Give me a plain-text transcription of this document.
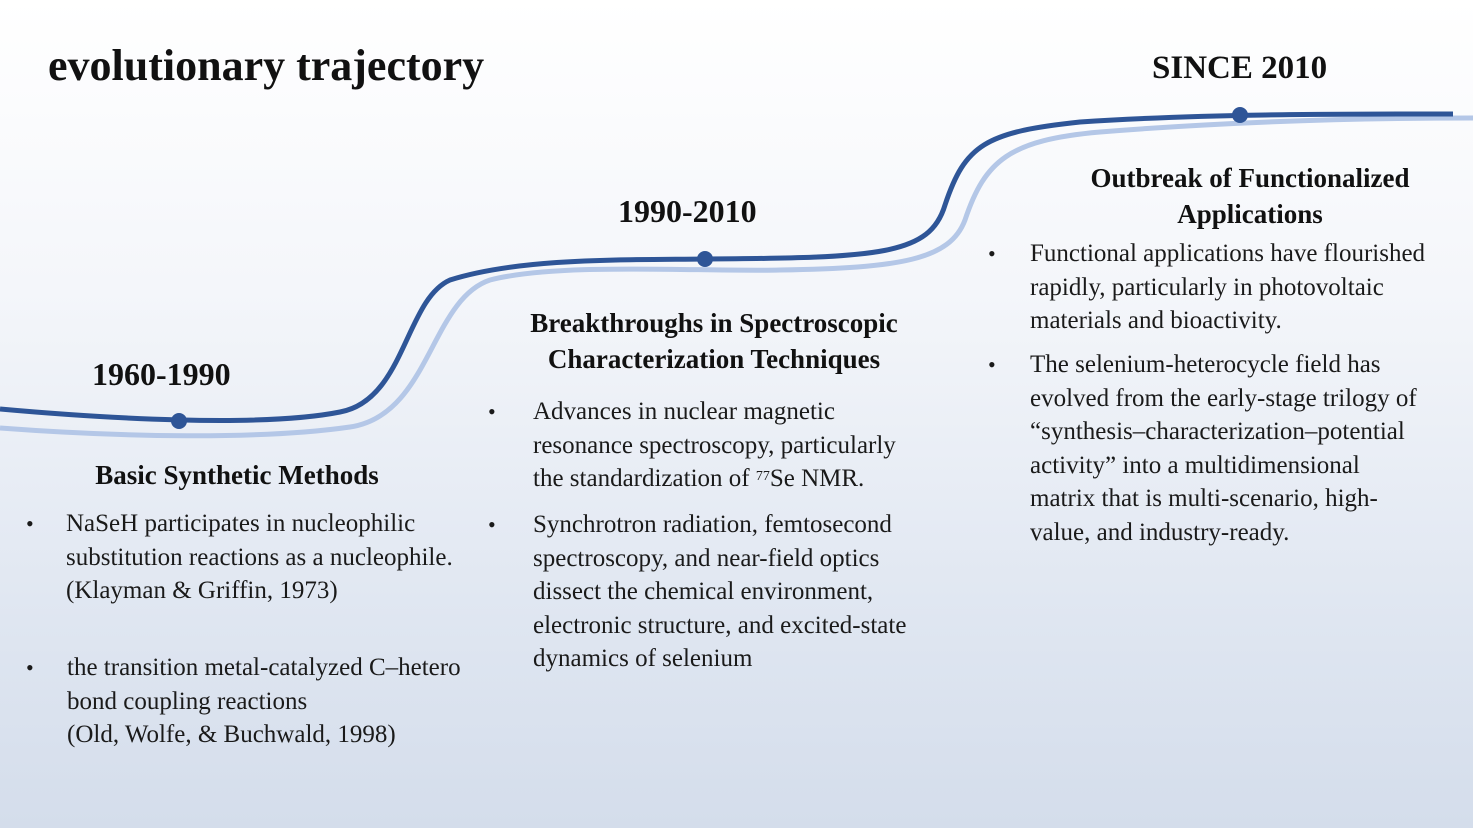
evolutionary trajectory	SINCE 2010
1960-1990
Basic Synthetic Methods
• NaSeH participates in nucleophilic
substitution reactions as a nucleophile.
(Klayman & Griffin, 1973)
• the transition metal-catalyzed C–hetero
bond coupling reactions
(Old, Wolfe, & Buchwald, 1998)
1990-2010
Breakthroughs in Spectroscopic
Characterization Techniques
• Advances in nuclear magnetic
resonance spectroscopy, particularly
the standardization of $^{77}$Se NMR.
• Synchrotron radiation, femtosecond
spectroscopy, and near-field optics
dissect the chemical environment,
electronic structure, and excited-state
dynamics of selenium
Outbreak of Functionalized
Applications
• Functional applications have flourished
rapidly, particularly in photovoltaic
materials and bioactivity.
• The selenium-heterocycle field has
evolved from the early-stage trilogy of
“synthesis–characterization–potential
activity” into a multidimensional
matrix that is multi-scenario, high-
value, and industry-ready.
